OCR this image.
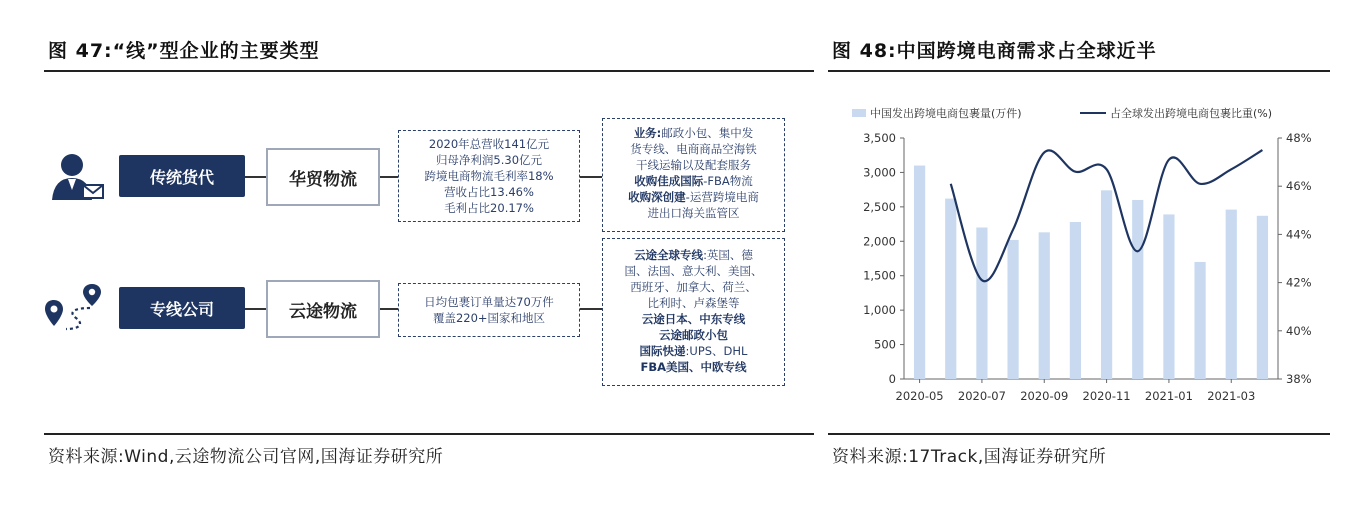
图 47:“线”型企业的主要类型
传统货代	华贸物流
2020年总营收141亿元
归母净利润5.30亿元
跨境电商物流毛利率18%
营收占比13.46%
毛利占比20.17%
业务:邮政小包、集中发
货专线、电商商品空海铁
干线运输以及配套服务
收购佳成国际-FBA物流
收购深创建-运营跨境电商
进出口海关监管区
专线公司	云途物流	日均包裹订单量达70万件
覆盖220+国家和地区
云途全球专线:英国、德
国、法国、意大利、美国、
西班牙、加拿大、荷兰、
比利时、卢森堡等
云途日本、中东专线
云途邮政小包
国际快递:UPS、DHL
FBA美国、中欧专线
资料来源:Wind,云途物流公司官网,国海证券研究所
图 48:中国跨境电商需求占全球近半
中国发出跨境电商包裹量(万件)	占全球发出跨境电商包裹比重(%)
0
500
1,000
1,500
2,000
2,500
3,000
3,500
38%
40%
42%
44%
46%
48%
2020-05 2020-07 2020-09 2020-11 2021-01 2021-03
资料来源:17Track,国海证券研究所
